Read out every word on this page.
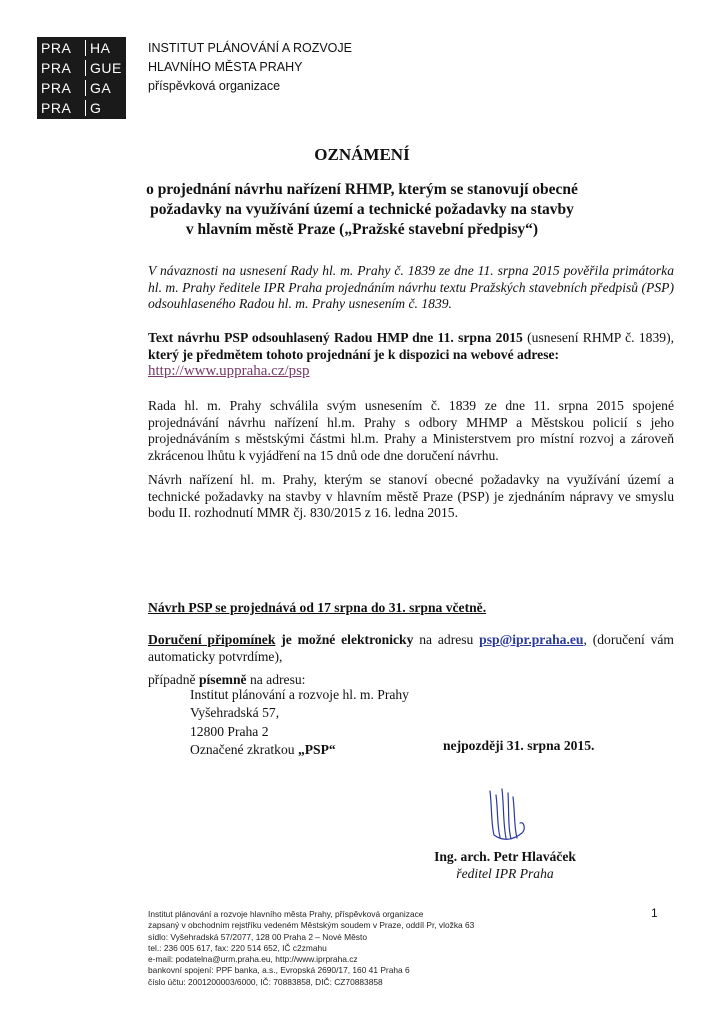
PRA	HA
PRA	GUE
PRA	GA
PRA	G
INSTITUT PLÁNOVÁNÍ A ROZVOJE
HLAVNÍHO MĚSTA PRAHY
příspěvková organizace
OZNÁMENÍ
o projednání návrhu nařízení RHMP, kterým se stanovují obecné
požadavky na využívání území a technické požadavky na stavby
v hlavním městě Praze („Pražské stavební předpisy“)
V návaznosti na usnesení Rady hl. m. Prahy č. 1839 ze dne 11. srpna 2015 pověřila primátorka hl. m. Prahy ředitele IPR Praha projednáním návrhu textu Pražských stavebních předpisů (PSP) odsouhlaseného Radou hl. m. Prahy usnesením č. 1839.
Text návrhu PSP odsouhlasený Radou HMP dne 11. srpna 2015 (usnesení RHMP č. 1839), který je předmětem tohoto projednání je k dispozici na webové adrese:
http://www.uppraha.cz/psp
Rada hl. m. Prahy schválila svým usnesením č. 1839 ze dne 11. srpna 2015 spojené projednávání návrhu nařízení hl.m. Prahy s odbory MHMP a Městskou policií s jeho projednáváním s městskými částmi hl.m. Prahy a Ministerstvem pro místní rozvoj a zároveň zkrácenou lhůtu k vyjádření na 15 dnů ode dne doručení návrhu.
Návrh nařízení hl. m. Prahy, kterým se stanoví obecné požadavky na využívání území a technické požadavky na stavby v hlavním městě Praze (PSP) je zjednáním nápravy ve smyslu bodu II. rozhodnutí MMR čj. 830/2015 z 16. ledna 2015.
Návrh PSP se projednává od 17 srpna do 31. srpna včetně.
Doručení připomínek je možné elektronicky na adresu psp@ipr.praha.eu, (doručení vám automaticky potvrdíme),
případně písemně na adresu:
Institut plánování a rozvoje hl. m. Prahy
Vyšehradská 57,
12800 Praha 2
Označené zkratkou „PSP“	nejpozději 31. srpna 2015.
Ing. arch. Petr Hlaváček
ředitel IPR Praha
Institut plánování a rozvoje hlavního města Prahy, příspěvková organizace
zapsaný v obchodním rejstříku vedeném Městským soudem v Praze, oddíl Pr, vložka 63
sídlo: Vyšehradská 57/2077, 128 00 Praha 2 – Nové Město
tel.: 236 005 617, fax: 220 514 652, IČ c2zmahu
e-mail: podatelna@urm.praha.eu, http://www.iprpraha.cz
bankovní spojení: PPF banka, a.s., Evropská 2690/17, 160 41 Praha 6
číslo účtu: 2001200003/6000, IČ: 70883858, DIČ: CZ70883858
1
